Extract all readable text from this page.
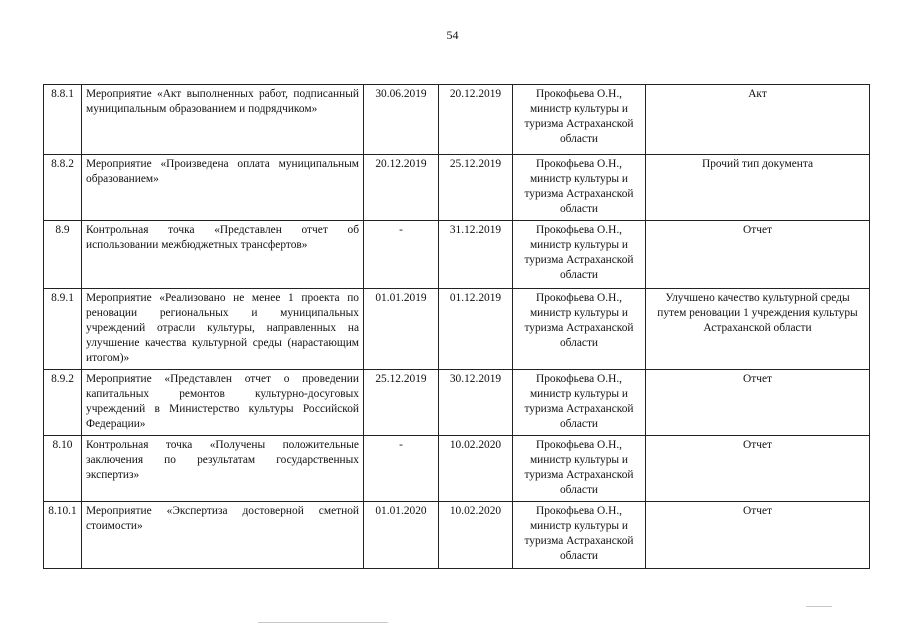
54
8.8.1	Мероприятие «Акт выполненных работ, подписанный муниципальным образованием и подрядчиком»	30.06.2019	20.12.2019	Прокофьева О.Н., министр культуры и туризма Астраханской области	Акт
8.8.2	Мероприятие «Произведена оплата муниципальным образованием»	20.12.2019	25.12.2019	Прокофьева О.Н., министр культуры и туризма Астраханской области	Прочий тип документа
8.9	Контрольная точка «Представлен отчет об использовании межбюджетных трансфертов»	-	31.12.2019	Прокофьева О.Н., министр культуры и туризма Астраханской области	Отчет
8.9.1	Мероприятие «Реализовано не менее 1 проекта по реновации региональных и муниципальных учреждений отрасли культуры, направленных на улучшение качества культурной среды (нарастающим итогом)»	01.01.2019	01.12.2019	Прокофьева О.Н., министр культуры и туризма Астраханской области	Улучшено качество культурной среды путем реновации 1 учреждения культуры Астраханской области
8.9.2	Мероприятие «Представлен отчет о проведении капитальных ремонтов культурно-досуговых учреждений в Министерство культуры Российской Федерации»	25.12.2019	30.12.2019	Прокофьева О.Н., министр культуры и туризма Астраханской области	Отчет
8.10	Контрольная точка «Получены положительные заключения по результатам государственных экспертиз»	-	10.02.2020	Прокофьева О.Н., министр культуры и туризма Астраханской области	Отчет
8.10.1	Мероприятие «Экспертиза достоверной сметной стоимости»	01.01.2020	10.02.2020	Прокофьева О.Н., министр культуры и туризма Астраханской области	Отчет
